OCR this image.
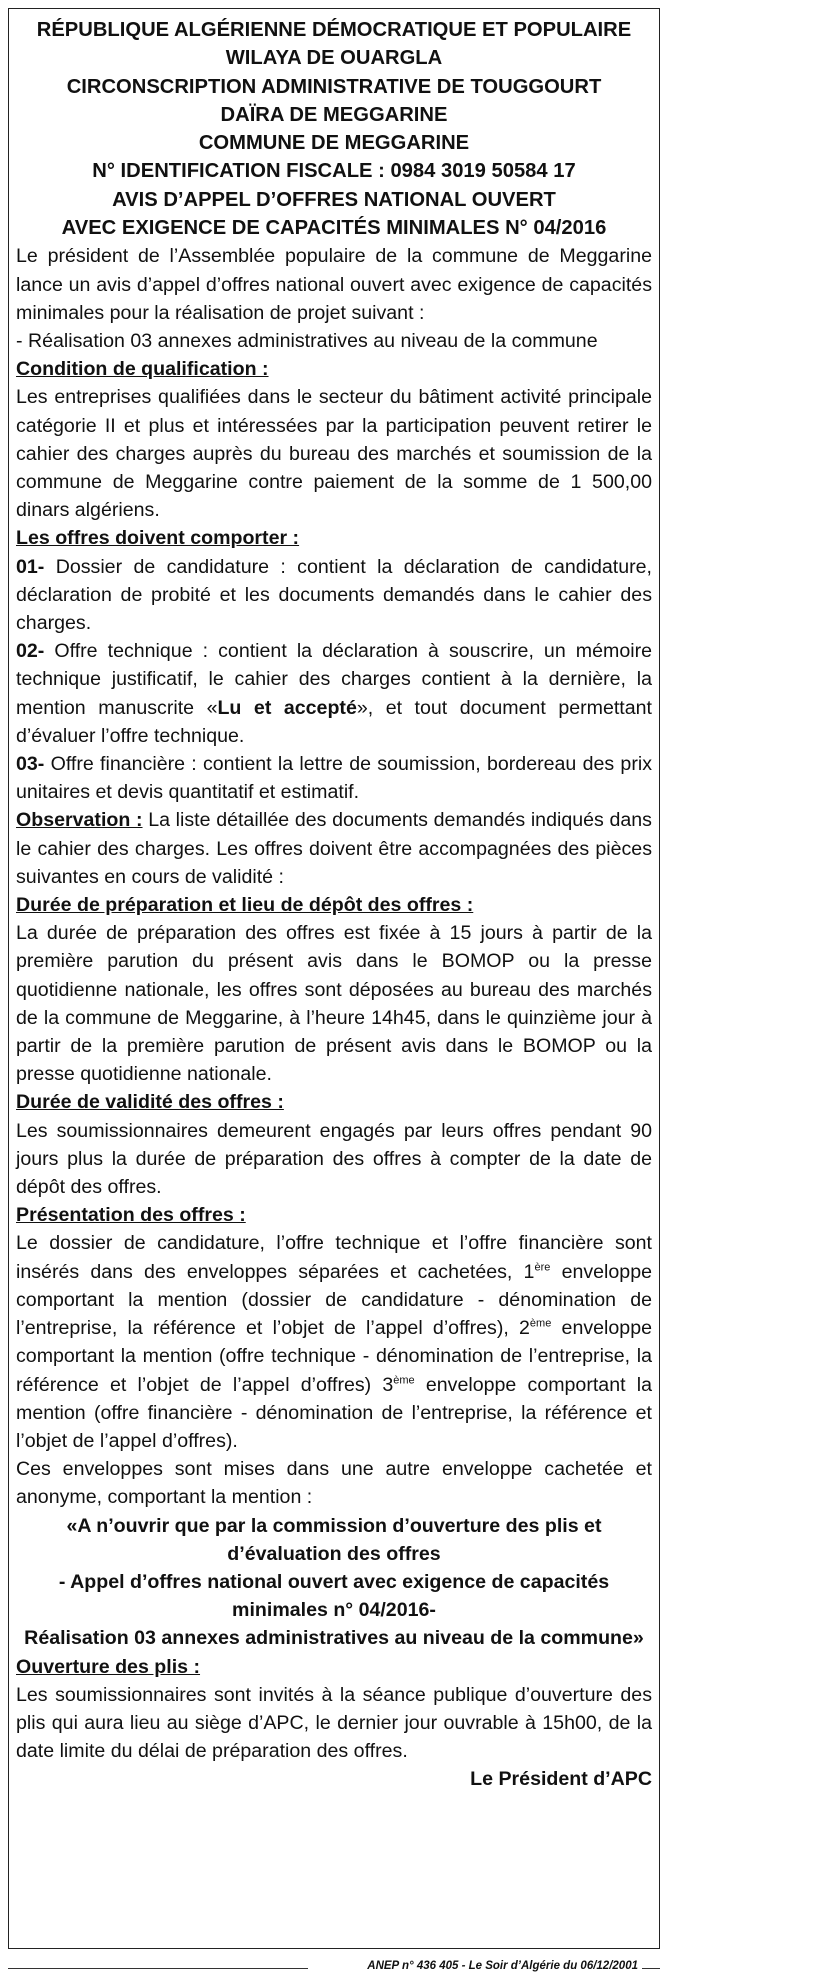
RÉPUBLIQUE ALGÉRIENNE DÉMOCRATIQUE ET POPULAIRE
WILAYA DE OUARGLA
CIRCONSCRIPTION ADMINISTRATIVE DE TOUGGOURT
DAÏRA DE MEGGARINE
COMMUNE DE MEGGARINE
N° IDENTIFICATION FISCALE : 0984 3019 50584 17
AVIS D’APPEL D’OFFRES NATIONAL OUVERT
AVEC EXIGENCE DE CAPACITÉS MINIMALES N° 04/2016

Le président de l’Assemblée populaire de la commune de Meggarine lance un avis d’appel d’offres national ouvert avec exigence de capacités minimales pour la réalisation de projet suivant :

- Réalisation 03 annexes administratives au niveau de la commune

Condition de qualification :

Les entreprises qualifiées dans le secteur du bâtiment activité principale catégorie II et plus et intéressées par la participation peuvent retirer le cahier des charges auprès du bureau des marchés et soumission de la commune de Meggarine contre paiement de la somme de 1 500,00 dinars algériens.

Les offres doivent comporter :

01- Dossier de candidature : contient la déclaration de candidature, déclaration de probité et les documents demandés dans le cahier des charges.

02- Offre technique : contient la déclaration à souscrire, un mémoire technique justificatif, le cahier des charges contient à la dernière, la mention manuscrite «Lu et accepté», et tout document permettant d’évaluer l’offre technique.

03- Offre financière : contient la lettre de soumission, bordereau des prix unitaires et devis quantitatif et estimatif.

Observation : La liste détaillée des documents demandés indiqués dans le cahier des charges. Les offres doivent être accompagnées des pièces suivantes en cours de validité :

Durée de préparation et lieu de dépôt des offres :

La durée de préparation des offres est fixée à 15 jours à partir de la première parution du présent avis dans le BOMOP ou la presse quotidienne nationale, les offres sont déposées au bureau des marchés de la commune de Meggarine, à l’heure 14h45, dans le quinzième jour à partir de la première parution de présent avis dans le BOMOP ou la presse quotidienne nationale.

Durée de validité des offres :

Les soumissionnaires demeurent engagés par leurs offres pendant 90 jours plus la durée de préparation des offres à compter de la date de dépôt des offres.

Présentation des offres :

Le dossier de candidature, l’offre technique et l’offre financière sont insérés dans des enveloppes séparées et cachetées, 1ère enveloppe comportant la mention (dossier de candidature - dénomination de l’entreprise, la référence et l’objet de l’appel d’offres), 2ème enveloppe comportant la mention (offre technique - dénomination de l’entreprise, la référence et l’objet de l’appel d’offres) 3ème enveloppe comportant la mention (offre financière - dénomination de l’entreprise, la référence et l’objet de l’appel d’offres).

Ces enveloppes sont mises dans une autre enveloppe cachetée et anonyme, comportant la mention :

«A n’ouvrir que par la commission d’ouverture des plis et d’évaluation des offres
- Appel d’offres national ouvert avec exigence de capacités minimales n° 04/2016-
Réalisation 03 annexes administratives au niveau de la commune»

Ouverture des plis :

Les soumissionnaires sont invités à la séance publique d’ouverture des plis qui aura lieu au siège d’APC, le dernier jour ouvrable à 15h00, de la date limite du délai de préparation des offres.

Le Président d’APC
ANEP n° 436 405 - Le Soir d’Algérie du 06/12/2001
